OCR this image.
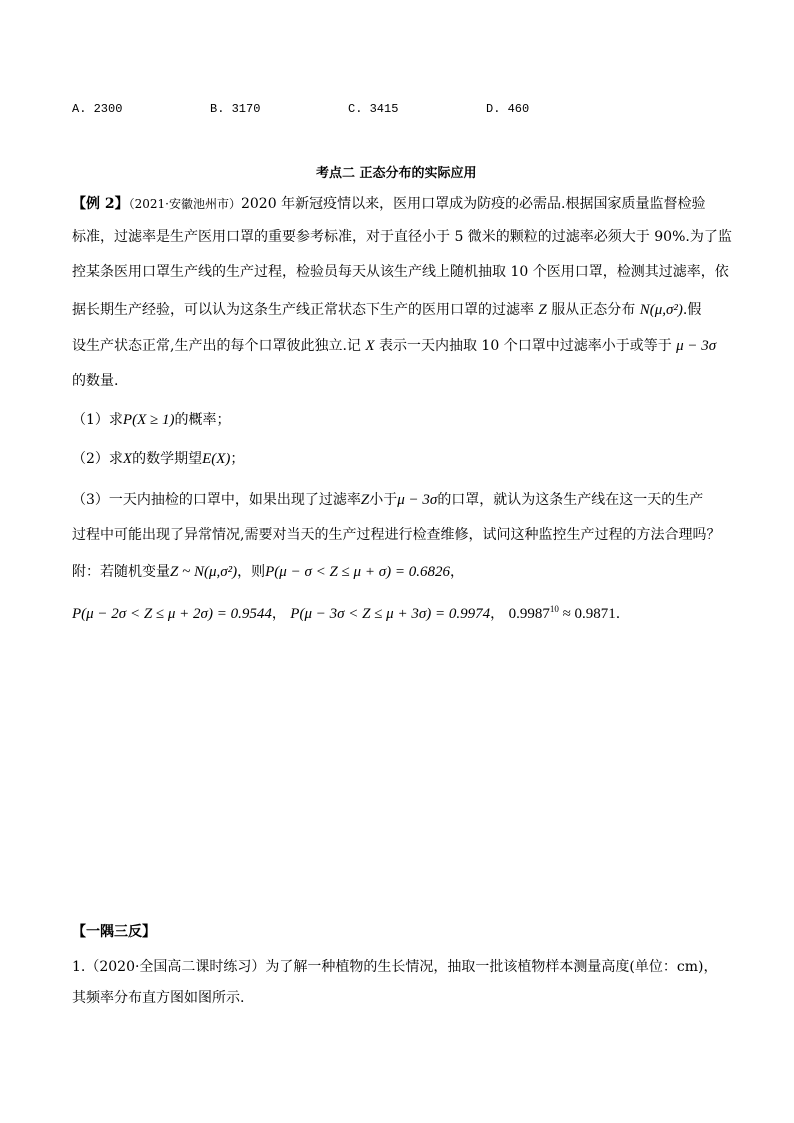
A. 2300	B. 3170	C. 3415	D. 460
考点二 正态分布的实际应用
【例 2】（2021·安徽池州市）2020 年新冠疫情以来，医用口罩成为防疫的必需品.根据国家质量监督检验
标准，过滤率是生产医用口罩的重要参考标准，对于直径小于 5 微米的颗粒的过滤率必须大于 90%.为了监
控某条医用口罩生产线的生产过程，检验员每天从该生产线上随机抽取 10 个医用口罩，检测其过滤率，依
据长期生产经验，可以认为这条生产线正常状态下生产的医用口罩的过滤率 Z 服从正态分布 N(μ,σ²).假
设生产状态正常,生产出的每个口罩彼此独立.记 X 表示一天内抽取 10 个口罩中过滤率小于或等于 μ − 3σ
的数量.
（1）求P(X ≥ 1)的概率；
（2）求X的数学期望E(X)；
（3）一天内抽检的口罩中，如果出现了过滤率Z小于μ − 3σ的口罩，就认为这条生产线在这一天的生产
过程中可能出现了异常情况,需要对当天的生产过程进行检查维修，试问这种监控生产过程的方法合理吗？
附：若随机变量Z ~ N(μ,σ²)，则P(μ − σ < Z ≤ μ + σ) = 0.6826，
P(μ − 2σ < Z ≤ μ + 2σ) = 0.9544， P(μ − 3σ < Z ≤ μ + 3σ) = 0.9974， $0.9987^{10} \approx 0.9871$.
【一隅三反】
1.（2020·全国高二课时练习）为了解一种植物的生长情况，抽取一批该植物样本测量高度(单位：cm)，
其频率分布直方图如图所示.
